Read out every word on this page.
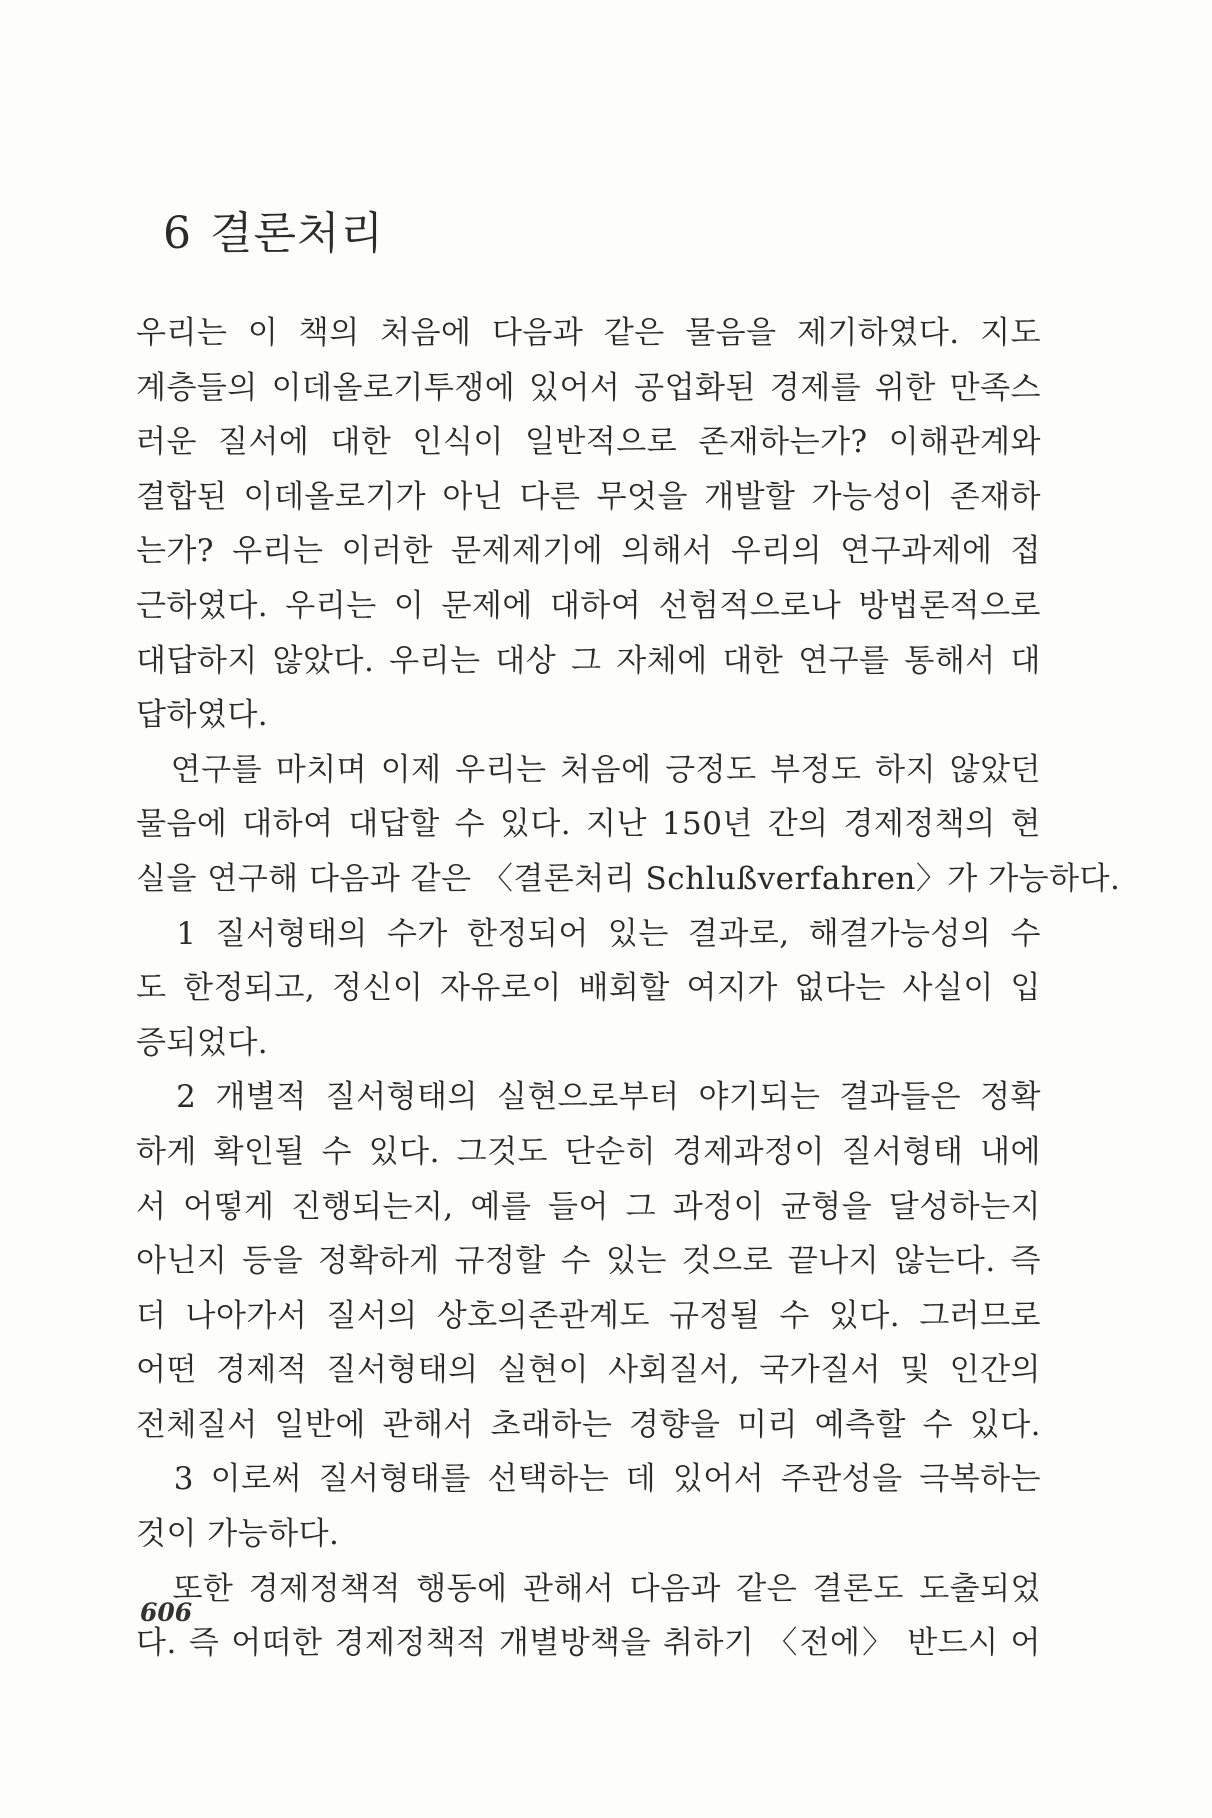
6 결론처리
우리는 이 책의 처음에 다음과 같은 물음을 제기하였다. 지도
계층들의 이데올로기투쟁에 있어서 공업화된 경제를 위한 만족스
러운 질서에 대한 인식이 일반적으로 존재하는가? 이해관계와
결합된 이데올로기가 아닌 다른 무엇을 개발할 가능성이 존재하
는가? 우리는 이러한 문제제기에 의해서 우리의 연구과제에 접
근하였다. 우리는 이 문제에 대하여 선험적으로나 방법론적으로
대답하지 않았다. 우리는 대상 그 자체에 대한 연구를 통해서 대
답하였다.
　연구를 마치며 이제 우리는 처음에 긍정도 부정도 하지 않았던
물음에 대하여 대답할 수 있다. 지난 150년 간의 경제정책의 현
실을 연구해 다음과 같은 〈결론처리 Schlußverfahren〉가 가능하다.
　1 질서형태의 수가 한정되어 있는 결과로, 해결가능성의 수
도 한정되고, 정신이 자유로이 배회할 여지가 없다는 사실이 입
증되었다.
　2 개별적 질서형태의 실현으로부터 야기되는 결과들은 정확
하게 확인될 수 있다. 그것도 단순히 경제과정이 질서형태 내에
서 어떻게 진행되는지, 예를 들어 그 과정이 균형을 달성하는지
아닌지 등을 정확하게 규정할 수 있는 것으로 끝나지 않는다. 즉
더 나아가서 질서의 상호의존관계도 규정될 수 있다. 그러므로
어떤 경제적 질서형태의 실현이 사회질서, 국가질서 및 인간의
전체질서 일반에 관해서 초래하는 경향을 미리 예측할 수 있다.
　3 이로써 질서형태를 선택하는 데 있어서 주관성을 극복하는
것이 가능하다.
　또한 경제정책적 행동에 관해서 다음과 같은 결론도 도출되었
다. 즉 어떠한 경제정책적 개별방책을 취하기 〈전에〉 반드시 어
606
